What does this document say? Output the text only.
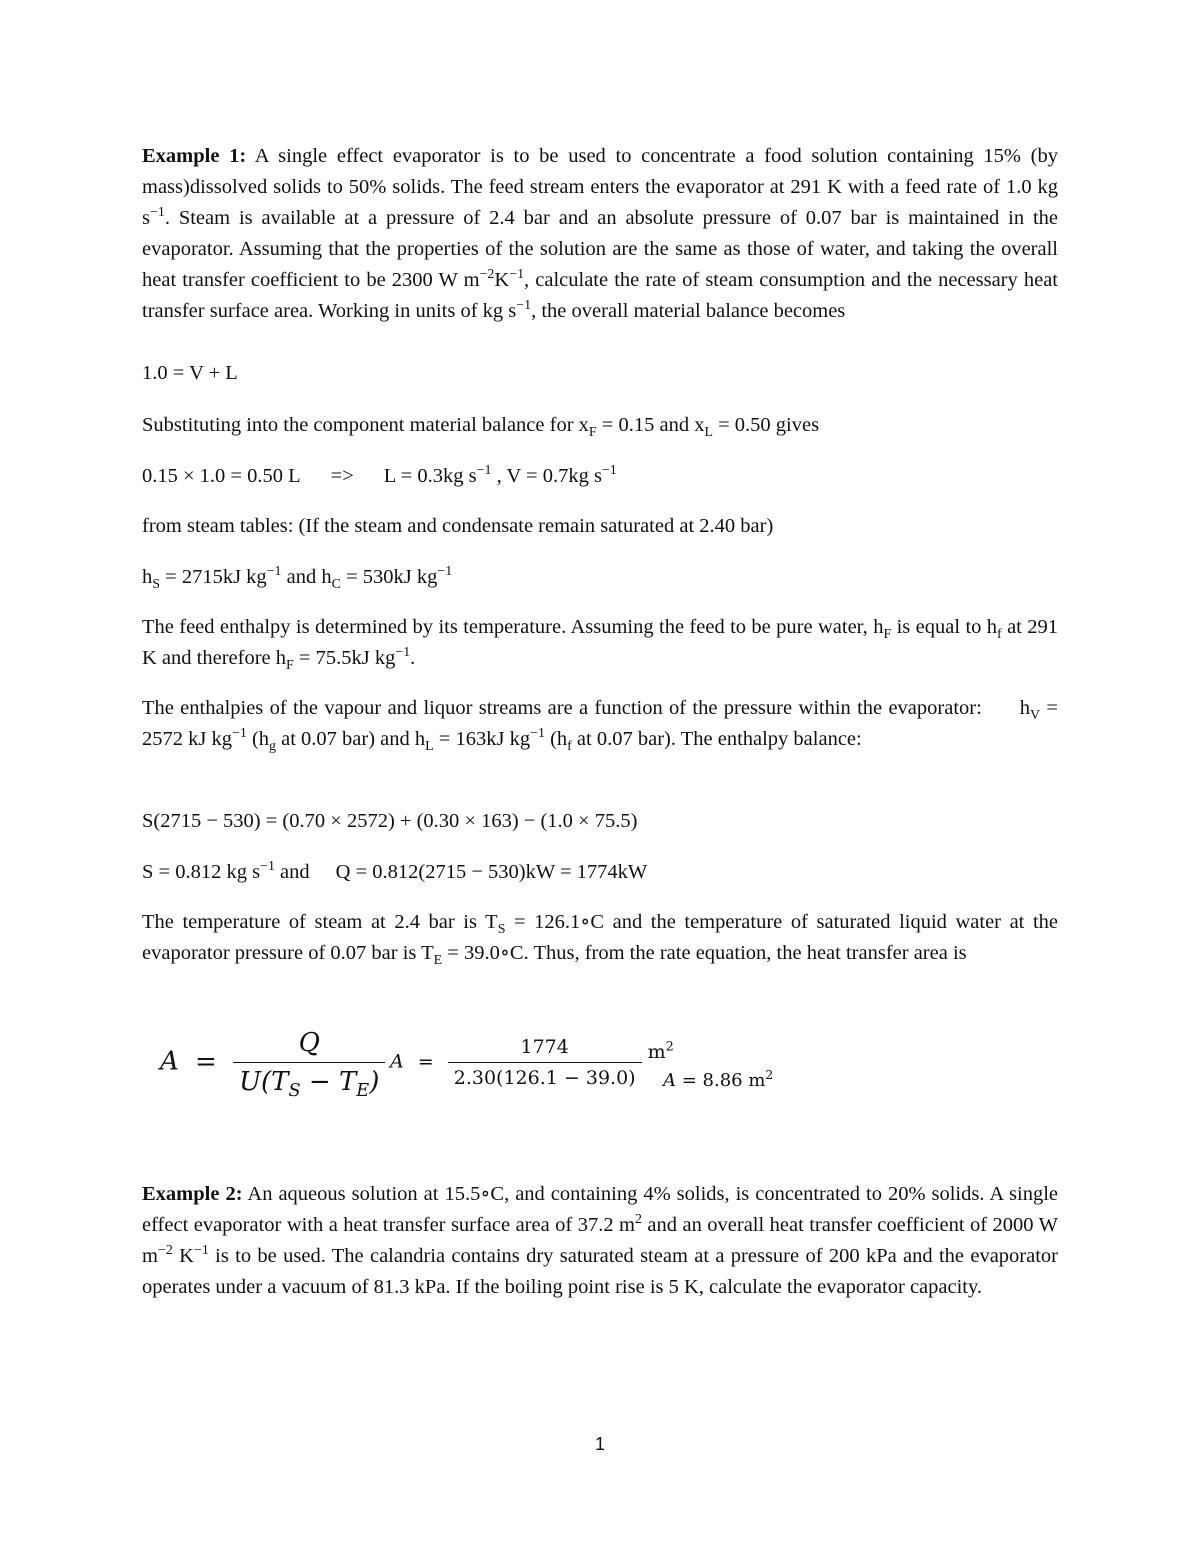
Example 1: A single effect evaporator is to be used to concentrate a food solution containing 15% (by mass)dissolved solids to 50% solids. The feed stream enters the evaporator at 291 K with a feed rate of 1.0 kg $s^{-1}$. Steam is available at a pressure of 2.4 bar and an absolute pressure of 0.07 bar is maintained in the evaporator. Assuming that the properties of the solution are the same as those of water, and taking the overall heat transfer coefficient to be 2300 W $m^{-2}K^{-1}$, calculate the rate of steam consumption and the necessary heat transfer surface area. Working in units of kg $s^{-1}$, the overall material balance becomes

1.0 = V + L

Substituting into the component material balance for $x_F = 0.15$ and $x_L = 0.50$ gives

0.15 × 1.0 = 0.50 L => L = 0.3kg $s^{-1}$ , V = 0.7kg $s^{-1}$

from steam tables: (If the steam and condensate remain saturated at 2.40 bar)

$h_S = 2715kJ$ $kg^{-1}$ and $h_C = 530kJ$ $kg^{-1}$

The feed enthalpy is determined by its temperature. Assuming the feed to be pure water, $h_F$ is equal to $h_f$ at 291 K and therefore $h_F = 75.5kJ$ $kg^{-1}$.

The enthalpies of the vapour and liquor streams are a function of the pressure within the evaporator: $h_V = 2572$ kJ $kg^{-1}$ ($h_g$ at 0.07 bar) and $h_L = 163kJ$ $kg^{-1}$ ($h_f$ at 0.07 bar). The enthalpy balance:

S(2715 − 530) = (0.70 × 2572) + (0.30 × 163) − (1.0 × 75.5)

S = 0.812 kg $s^{-1}$ and Q = 0.812(2715 − 530)kW = 1774kW

The temperature of steam at 2.4 bar is $T_S$ = 126.1∘C and the temperature of saturated liquid water at the evaporator pressure of 0.07 bar is $T_E$ = 39.0∘C. Thus, from the rate equation, the heat transfer area is

$A = \frac{Q}{U(T_S - T_E)}$ $A = \frac{1774}{2.30(126.1 - 39.0)} m^2$
A = 8.86 $m^2$

Example 2: An aqueous solution at 15.5∘C, and containing 4% solids, is concentrated to 20% solids. A single effect evaporator with a heat transfer surface area of 37.2 $m^2$ and an overall heat transfer coefficient of 2000 W $m^{-2}$ $K^{-1}$ is to be used. The calandria contains dry saturated steam at a pressure of 200 kPa and the evaporator operates under a vacuum of 81.3 kPa. If the boiling point rise is 5 K, calculate the evaporator capacity.

1
